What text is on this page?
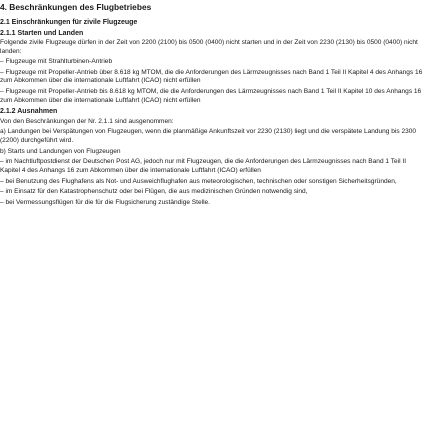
4. Beschränkungen des Flugbetriebes
2.1 Einschränkungen für zivile Flugzeuge
2.1.1 Starten und Landen
Folgende zivile Flugzeuge dürfen in der Zeit von 2200 (2100) bis 0500 (0400) nicht starten und in der Zeit von 2230 (2130) bis 0500 (0400) nicht landen:
– Flugzeuge mit Strahlturbinen-Antrieb
– Flugzeuge mit Propeller-Antrieb über 8.618 kg MTOM, die die Anforderungen des Lärmzeugnisses nach Band 1 Teil II Kapitel 4 des Anhangs 16 zum Abkommen über die internationale Luftfahrt (ICAO) nicht erfüllen
– Flugzeuge mit Propeller-Antrieb bis 8.618 kg MTOM, die die Anforderungen des Lärmzeugnisses nach Band 1 Teil II Kapitel 10 des Anhangs 16 zum Abkommen über die internationale Luftfahrt (ICAO) nicht erfüllen
2.1.2 Ausnahmen
Von den Beschränkungen der Nr. 2.1.1 sind ausgenommen:
a) Landungen bei Verspätungen von Flugzeugen, wenn die planmäßige Ankunftszeit vor 2230 (2130) liegt und die verspätete Landung bis 2300 (2200) durchgeführt wird.
b) Starts und Landungen von Flugzeugen
– im Nachtluftpostdienst der Deutschen Post AG, jedoch nur mit Flugzeugen, die die Anforderungen des Lärmzeugnisses nach Band 1 Teil II Kapitel 4 des Anhangs 16 zum Abkommen über die internationale Luftfahrt (ICAO) erfüllen
– bei Benutzung des Flughafens als Not- und Ausweichflughafen aus meteorologischen, technischen oder sonstigen Sicherheitsgründen,
– im Einsatz für den Katastrophenschutz oder bei Flügen, die aus medizinischen Gründen notwendig sind,
– bei Vermessungsflügen für die für die Flugsicherung zuständige Stelle.
